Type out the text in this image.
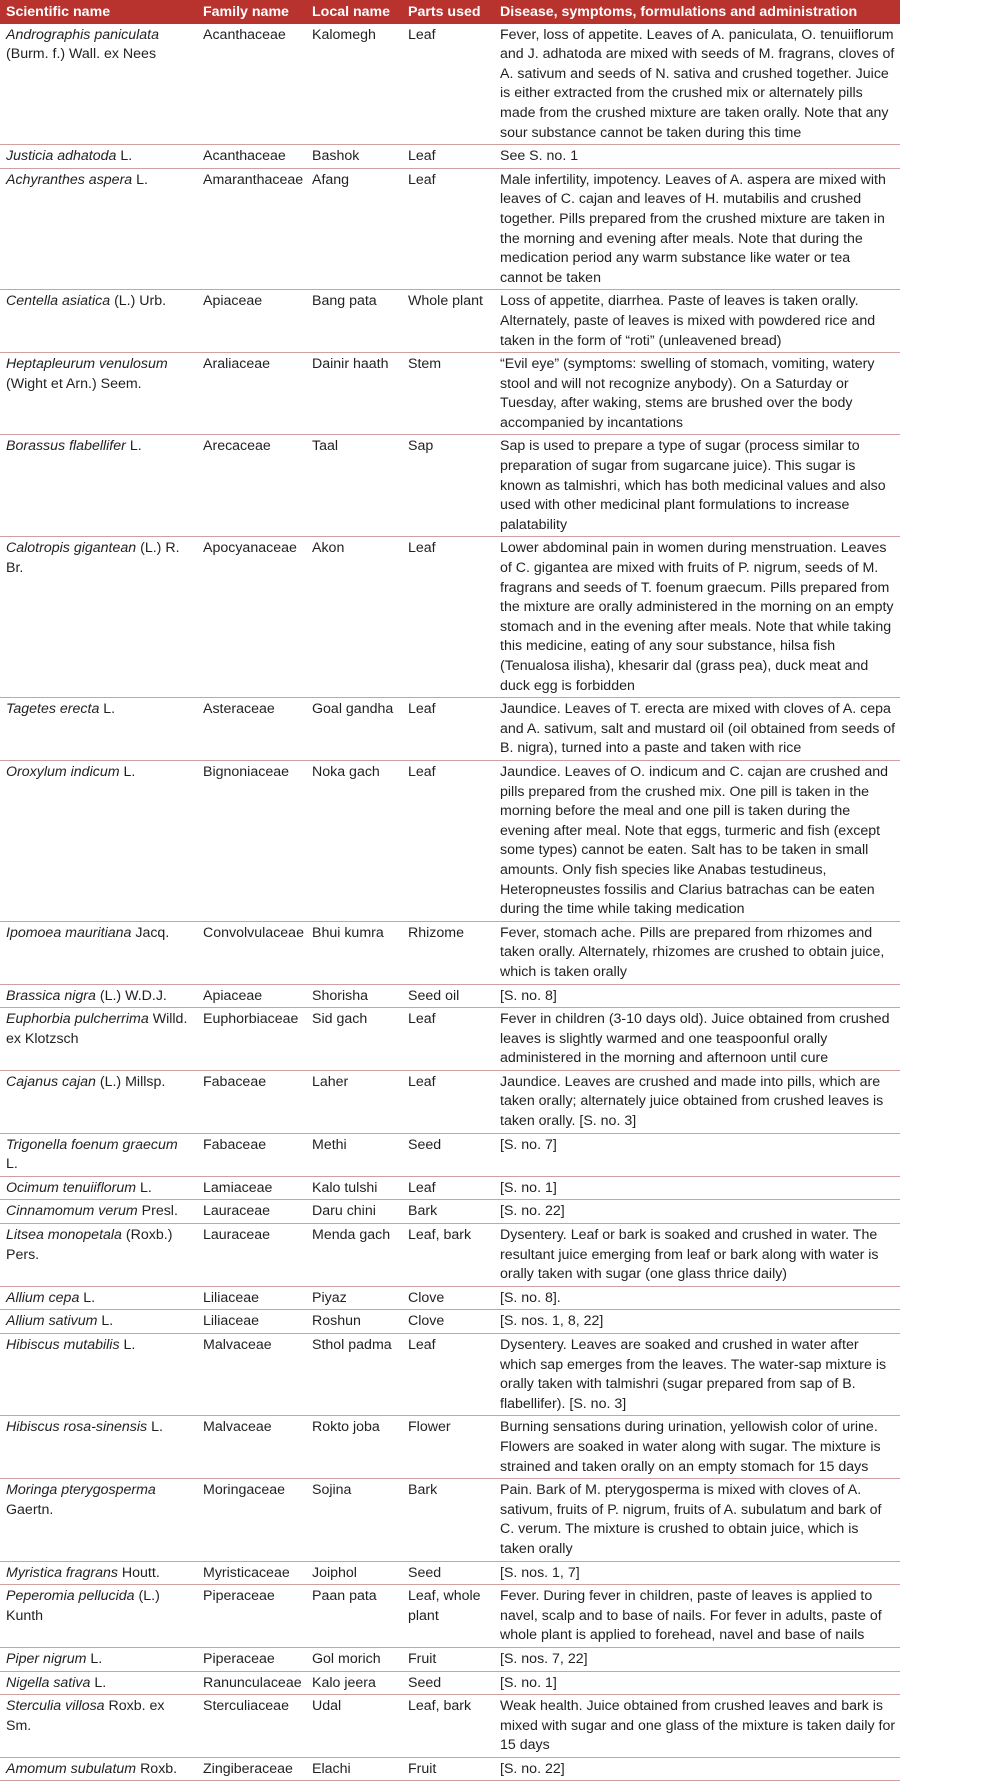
Scientific name	Family name	Local name	Parts used	Disease, symptoms, formulations and administration
Andrographis paniculata (Burm. f.) Wall. ex Nees	Acanthaceae	Kalomegh	Leaf	Fever, loss of appetite. Leaves of A. paniculata, O. tenuiiflorum and J. adhatoda are mixed with seeds of M. fragrans, cloves of A. sativum and seeds of N. sativa and crushed together. Juice is either extracted from the crushed mix or alternately pills made from the crushed mixture are taken orally. Note that any sour substance cannot be taken during this time
Justicia adhatoda L.	Acanthaceae	Bashok	Leaf	See S. no. 1
Achyranthes aspera L.	Amaranthaceae	Afang	Leaf	Male infertility, impotency. Leaves of A. aspera are mixed with leaves of C. cajan and leaves of H. mutabilis and crushed together. Pills prepared from the crushed mixture are taken in the morning and evening after meals. Note that during the medication period any warm substance like water or tea cannot be taken
Centella asiatica (L.) Urb.	Apiaceae	Bang pata	Whole plant	Loss of appetite, diarrhea. Paste of leaves is taken orally. Alternately, paste of leaves is mixed with powdered rice and taken in the form of “roti” (unleavened bread)
Heptapleurum venulosum (Wight et Arn.) Seem.	Araliaceae	Dainir haath	Stem	“Evil eye” (symptoms: swelling of stomach, vomiting, watery stool and will not recognize anybody). On a Saturday or Tuesday, after waking, stems are brushed over the body accompanied by incantations
Borassus flabellifer L.	Arecaceae	Taal	Sap	Sap is used to prepare a type of sugar (process similar to preparation of sugar from sugarcane juice). This sugar is known as talmishri, which has both medicinal values and also used with other medicinal plant formulations to increase palatability
Calotropis gigantean (L.) R. Br.	Apocyanaceae	Akon	Leaf	Lower abdominal pain in women during menstruation. Leaves of C. gigantea are mixed with fruits of P. nigrum, seeds of M. fragrans and seeds of T. foenum graecum. Pills prepared from the mixture are orally administered in the morning on an empty stomach and in the evening after meals. Note that while taking this medicine, eating of any sour substance, hilsa fish (Tenualosa ilisha), khesarir dal (grass pea), duck meat and duck egg is forbidden
Tagetes erecta L.	Asteraceae	Goal gandha	Leaf	Jaundice. Leaves of T. erecta are mixed with cloves of A. cepa and A. sativum, salt and mustard oil (oil obtained from seeds of B. nigra), turned into a paste and taken with rice
Oroxylum indicum L.	Bignoniaceae	Noka gach	Leaf	Jaundice. Leaves of O. indicum and C. cajan are crushed and pills prepared from the crushed mix. One pill is taken in the morning before the meal and one pill is taken during the evening after meal. Note that eggs, turmeric and fish (except some types) cannot be eaten. Salt has to be taken in small amounts. Only fish species like Anabas testudineus, Heteropneustes fossilis and Clarius batrachas can be eaten during the time while taking medication
Ipomoea mauritiana Jacq.	Convolvulaceae	Bhui kumra	Rhizome	Fever, stomach ache. Pills are prepared from rhizomes and taken orally. Alternately, rhizomes are crushed to obtain juice, which is taken orally
Brassica nigra (L.) W.D.J.	Apiaceae	Shorisha	Seed oil	[S. no. 8]
Euphorbia pulcherrima Willd. ex Klotzsch	Euphorbiaceae	Sid gach	Leaf	Fever in children (3-10 days old). Juice obtained from crushed leaves is slightly warmed and one teaspoonful orally administered in the morning and afternoon until cure
Cajanus cajan (L.) Millsp.	Fabaceae	Laher	Leaf	Jaundice. Leaves are crushed and made into pills, which are taken orally; alternately juice obtained from crushed leaves is taken orally. [S. no. 3]
Trigonella foenum graecum L.	Fabaceae	Methi	Seed	[S. no. 7]
Ocimum tenuiiflorum L.	Lamiaceae	Kalo tulshi	Leaf	[S. no. 1]
Cinnamomum verum Presl.	Lauraceae	Daru chini	Bark	[S. no. 22]
Litsea monopetala (Roxb.) Pers.	Lauraceae	Menda gach	Leaf, bark	Dysentery. Leaf or bark is soaked and crushed in water. The resultant juice emerging from leaf or bark along with water is orally taken with sugar (one glass thrice daily)
Allium cepa L.	Liliaceae	Piyaz	Clove	[S. no. 8].
Allium sativum L.	Liliaceae	Roshun	Clove	[S. nos. 1, 8, 22]
Hibiscus mutabilis L.	Malvaceae	Sthol padma	Leaf	Dysentery. Leaves are soaked and crushed in water after which sap emerges from the leaves. The water-sap mixture is orally taken with talmishri (sugar prepared from sap of B. flabellifer). [S. no. 3]
Hibiscus rosa-sinensis L.	Malvaceae	Rokto joba	Flower	Burning sensations during urination, yellowish color of urine. Flowers are soaked in water along with sugar. The mixture is strained and taken orally on an empty stomach for 15 days
Moringa pterygosperma Gaertn.	Moringaceae	Sojina	Bark	Pain. Bark of M. pterygosperma is mixed with cloves of A. sativum, fruits of P. nigrum, fruits of A. subulatum and bark of C. verum. The mixture is crushed to obtain juice, which is taken orally
Myristica fragrans Houtt.	Myristicaceae	Joiphol	Seed	[S. nos. 1, 7]
Peperomia pellucida (L.) Kunth	Piperaceae	Paan pata	Leaf, whole plant	Fever. During fever in children, paste of leaves is applied to navel, scalp and to base of nails. For fever in adults, paste of whole plant is applied to forehead, navel and base of nails
Piper nigrum L.	Piperaceae	Gol morich	Fruit	[S. nos. 7, 22]
Nigella sativa L.	Ranunculaceae	Kalo jeera	Seed	[S. no. 1]
Sterculia villosa Roxb. ex Sm.	Sterculiaceae	Udal	Leaf, bark	Weak health. Juice obtained from crushed leaves and bark is mixed with sugar and one glass of the mixture is taken daily for 15 days
Amomum subulatum Roxb.	Zingiberaceae	Elachi	Fruit	[S. no. 22]
